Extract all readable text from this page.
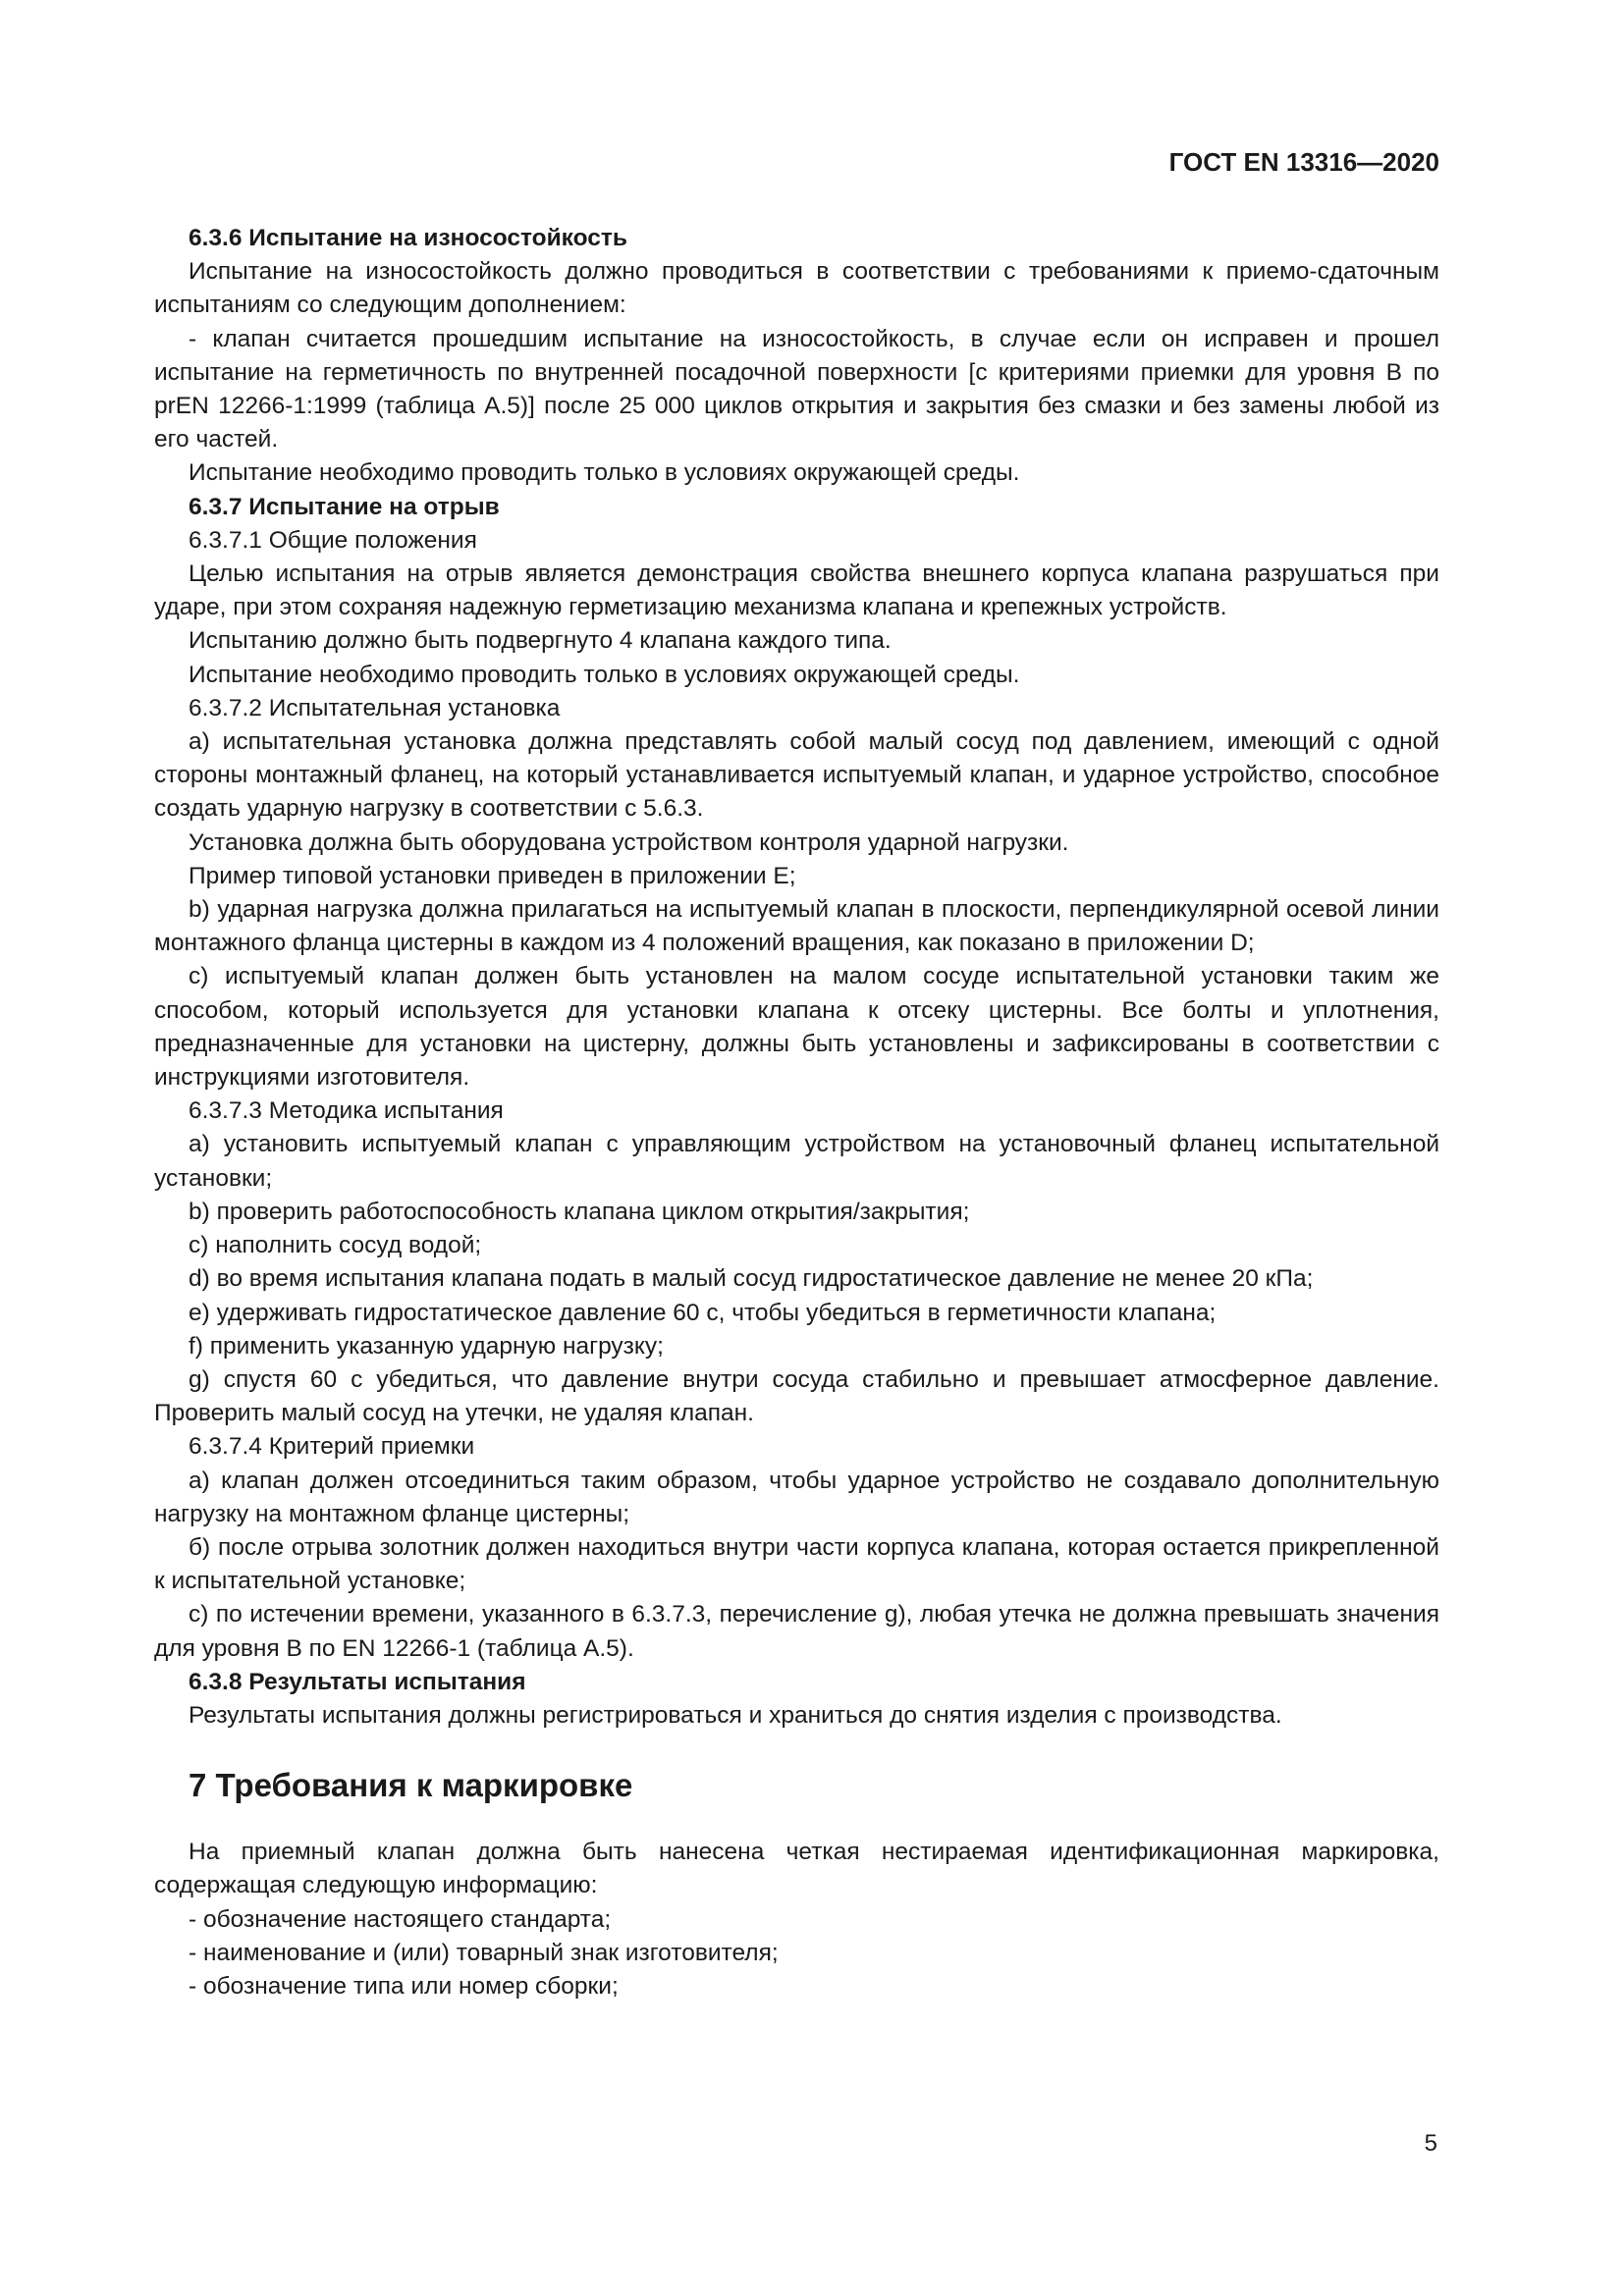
ГОСТ EN 13316—2020

6.3.6 Испытание на износостойкость

Испытание на износостойкость должно проводиться в соответствии с требованиями к приемо-сдаточным испытаниям со следующим дополнением:

- клапан считается прошедшим испытание на износостойкость, в случае если он исправен и прошел испытание на герметичность по внутренней посадочной поверхности [с критериями приемки для уровня В по prEN 12266-1:1999 (таблица А.5)] после 25 000 циклов открытия и закрытия без смазки и без замены любой из его частей.

Испытание необходимо проводить только в условиях окружающей среды.

6.3.7 Испытание на отрыв

6.3.7.1 Общие положения

Целью испытания на отрыв является демонстрация свойства внешнего корпуса клапана разрушаться при ударе, при этом сохраняя надежную герметизацию механизма клапана и крепежных устройств.

Испытанию должно быть подвергнуто 4 клапана каждого типа.

Испытание необходимо проводить только в условиях окружающей среды.

6.3.7.2 Испытательная установка

a) испытательная установка должна представлять собой малый сосуд под давлением, имеющий с одной стороны монтажный фланец, на который устанавливается испытуемый клапан, и ударное устройство, способное создать ударную нагрузку в соответствии с 5.6.3.

Установка должна быть оборудована устройством контроля ударной нагрузки.

Пример типовой установки приведен в приложении E;

b) ударная нагрузка должна прилагаться на испытуемый клапан в плоскости, перпендикулярной осевой линии монтажного фланца цистерны в каждом из 4 положений вращения, как показано в приложении D;

c) испытуемый клапан должен быть установлен на малом сосуде испытательной установки таким же способом, который используется для установки клапана к отсеку цистерны. Все болты и уплотнения, предназначенные для установки на цистерну, должны быть установлены и зафиксированы в соответствии с инструкциями изготовителя.

6.3.7.3 Методика испытания

a) установить испытуемый клапан с управляющим устройством на установочный фланец испытательной установки;

b) проверить работоспособность клапана циклом открытия/закрытия;

c) наполнить сосуд водой;

d) во время испытания клапана подать в малый сосуд гидростатическое давление не менее 20 кПа;

e) удерживать гидростатическое давление 60 с, чтобы убедиться в герметичности клапана;

f) применить указанную ударную нагрузку;

g) спустя 60 с убедиться, что давление внутри сосуда стабильно и превышает атмосферное давление. Проверить малый сосуд на утечки, не удаляя клапан.

6.3.7.4 Критерий приемки

a) клапан должен отсоединиться таким образом, чтобы ударное устройство не создавало дополнительную нагрузку на монтажном фланце цистерны;

б) после отрыва золотник должен находиться внутри части корпуса клапана, которая остается прикрепленной к испытательной установке;

c) по истечении времени, указанного в 6.3.7.3, перечисление g), любая утечка не должна превышать значения для уровня В по EN 12266-1 (таблица А.5).

6.3.8 Результаты испытания

Результаты испытания должны регистрироваться и храниться до снятия изделия с производства.

7 Требования к маркировке

На приемный клапан должна быть нанесена четкая нестираемая идентификационная маркировка, содержащая следующую информацию:

- обозначение настоящего стандарта;

- наименование и (или) товарный знак изготовителя;

- обозначение типа или номер сборки;

5
